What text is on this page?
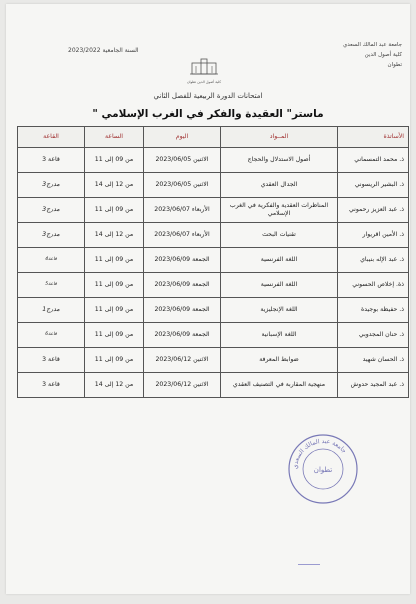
جامعة عبد المالك السعدي
كلية أصول الدين
تطوان
السنة الجامعية 2023/2022
كلية أصول الدين تطوان
امتحانات الدورة الربيعية للفصل الثاني
ماستر" العقيدة والفكر في الغرب الإسلامي "
الأساتذة	المــواد	اليوم	الساعة	القاعة
ذ. محمد التمسماني	أصول الاستدلال والحجاج	الاثنين 2023/06/05	من 09 إلى 11	قاعة 3
ذ. البشير الريسوني	الجدال العقدي	الاثنين 2023/06/05	من 12 إلى 14	مدرج3
ذ. عبد العزيز رحموني	المناظرات العقدية والفكرية في الغرب الإسلامي	الأربعاء 2023/06/07	من 09 إلى 11	مدرج3
ذ. الأمين اقريوار	تقنيات البحث	الأربعاء 2023/06/07	من 12 إلى 14	مدرج3
ذ. عبد الإله بنيباي	اللغة الفرنسية	الجمعة 2023/06/09	من 09 إلى 11	قاعة4
ذة. إخلاص الحسوني	اللغة الفرنسية	الجمعة 2023/06/09	من 09 إلى 11	قاعة5
ذ. حفيظة بوجيدة	اللغة الإنجليزية	الجمعة 2023/06/09	من 09 إلى 11	مدرج1
ذ. حنان المجدوبي	اللغة الإسبانية	الجمعة 2023/06/09	من 09 إلى 11	قاعة6
ذ. الحسان شهيد	ضوابط المعرفة	الاثنين 2023/06/12	من 09 إلى 11	قاعة 3
ذ. عبد المجيد حدوش	منهجية المقاربة في التصنيف العقدي	الاثنين 2023/06/12	من 12 إلى 14	قاعة 3
جامعة عبد المالك السعدي
تطوان
